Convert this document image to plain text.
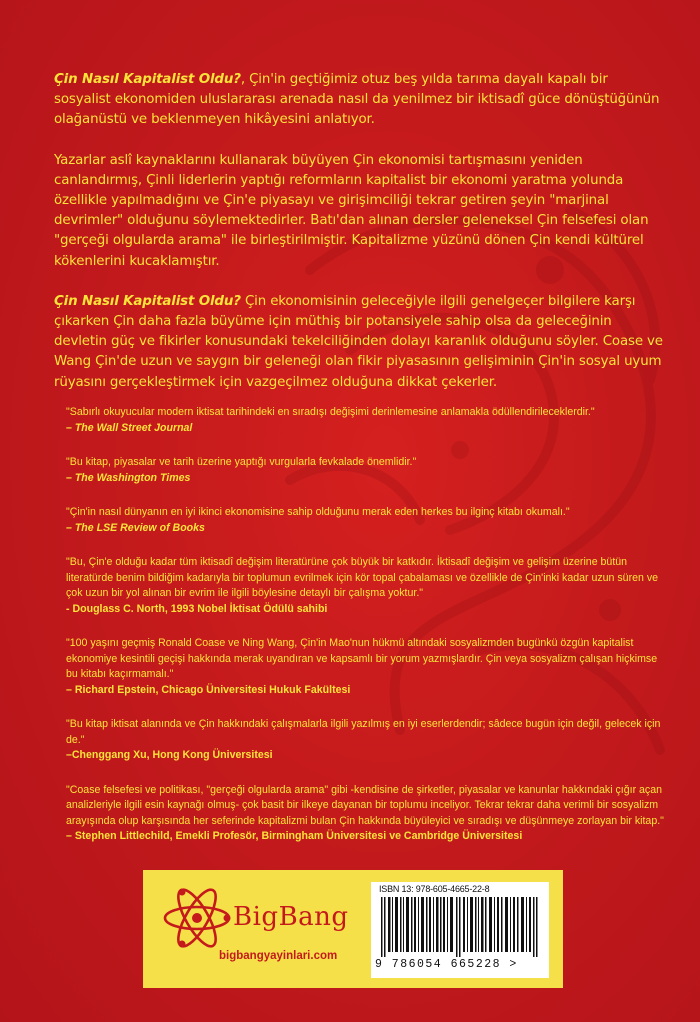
Çin Nasıl Kapitalist Oldu?, Çin'in geçtiğimiz otuz beş yılda tarıma dayalı kapalı bir sosyalist ekonomiden uluslararası arenada nasıl da yenilmez bir iktisadî güce dönüştüğünün olağanüstü ve beklenmeyen hikâyesini anlatıyor.

Yazarlar aslî kaynaklarını kullanarak büyüyen Çin ekonomisi tartışmasını yeniden canlandırmış, Çinli liderlerin yaptığı reformların kapitalist bir ekonomi yaratma yolunda özellikle yapılmadığını ve Çin'e piyasayı ve girişimciliği tekrar getiren şeyin "marjinal devrimler" olduğunu söylemektedirler. Batı'dan alınan dersler geleneksel Çin felsefesi olan "gerçeği olgularda arama" ile birleştirilmiştir. Kapitalizme yüzünü dönen Çin kendi kültürel kökenlerini kucaklamıştır.

Çin Nasıl Kapitalist Oldu? Çin ekonomisinin geleceğiyle ilgili genelgeçer bilgilere karşı çıkarken Çin daha fazla büyüme için müthiş bir potansiyele sahip olsa da geleceğinin devletin güç ve fikirler konusundaki tekelciliğinden dolayı karanlık olduğunu söyler. Coase ve Wang Çin'de uzun ve saygın bir geleneği olan fikir piyasasının gelişiminin Çin'in sosyal uyum rüyasını gerçekleştirmek için vazgeçilmez olduğuna dikkat çekerler.

"Sabırlı okuyucular modern iktisat tarihindeki en sıradışı değişimi derinlemesine anlamakla ödüllendirileceklerdir."
– The Wall Street Journal
"Bu kitap, piyasalar ve tarih üzerine yaptığı vurgularla fevkalade önemlidir."
– The Washington Times
"Çin'in nasıl dünyanın en iyi ikinci ekonomisine sahip olduğunu merak eden herkes bu ilginç kitabı okumalı."
– The LSE Review of Books
"Bu, Çin'e olduğu kadar tüm iktisadî değişim literatürüne çok büyük bir katkıdır. İktisadî değişim ve gelişim üzerine bütün literatürde benim bildiğim kadarıyla bir toplumun evrilmek için kör topal çabalaması ve özellikle de Çin'inki kadar uzun süren ve çok uzun bir yol alınan bir evrim ile ilgili böylesine detaylı bir çalışma yoktur."
- Douglass C. North, 1993 Nobel İktisat Ödülü sahibi
"100 yaşını geçmiş Ronald Coase ve Ning Wang, Çin'in Mao'nun hükmü altındaki sosyalizmden bugünkü özgün kapitalist ekonomiye kesintili geçişi hakkında merak uyandıran ve kapsamlı bir yorum yazmışlardır. Çin veya sosyalizm çalışan hiçkimse bu kitabı kaçırmamalı."
– Richard Epstein, Chicago Üniversitesi Hukuk Fakültesi
"Bu kitap iktisat alanında ve Çin hakkındaki çalışmalarla ilgili yazılmış en iyi eserlerdendir; sâdece bugün için değil, gelecek için de."
–Chenggang Xu, Hong Kong Üniversitesi
"Coase felsefesi ve politikası, "gerçeği olgularda arama" gibi -kendisine de şirketler, piyasalar ve kanunlar hakkındaki çığır açan analizleriyle ilgili esin kaynağı olmuş- çok basit bir ilkeye dayanan bir toplumu inceliyor. Tekrar tekrar daha verimli bir sosyalizm arayışında olup karşısında her seferinde kapitalizmi bulan Çin hakkında büyüleyici ve sıradışı ve düşünmeye zorlayan bir kitap."
– Stephen Littlechild, Emekli Profesör, Birmingham Üniversitesi ve Cambridge Üniversitesi
BigBang
bigbangyayinlari.com
ISBN 13: 978-605-4665-22-8
9 786054 665228 >
